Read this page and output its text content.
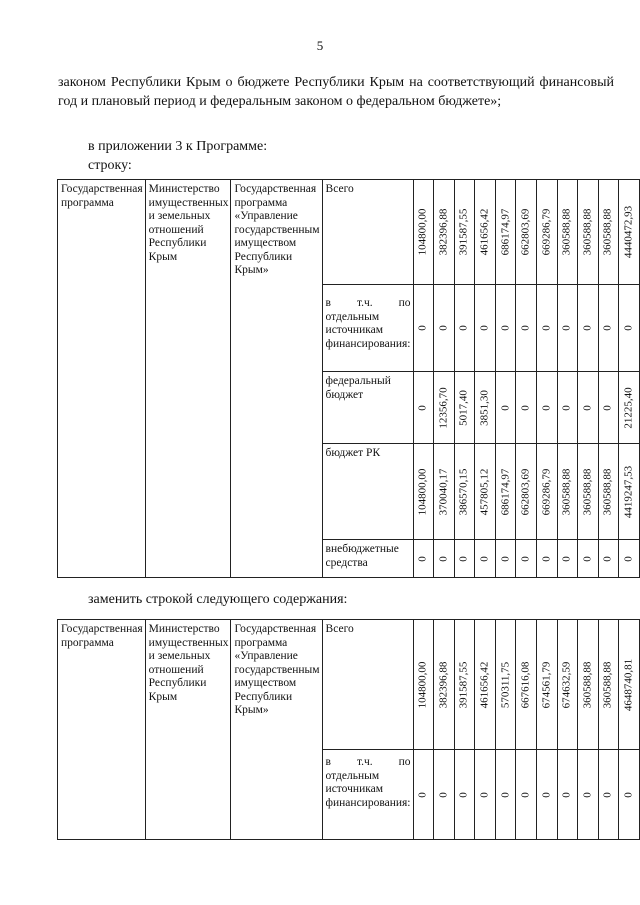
5
законом Республики Крым о бюджете Республики Крым на соответствующий финансовый год и плановый период и федеральным законом о федеральном бюджете»;
в приложении 3 к Программе:
строку:
Государственная программа	Министерство имущественных и земельных отношений Республики Крым	Государственная программа «Управление государственным имуществом Республики Крым»	Всего	104800,00	382396,88	391587,55	461656,42	686174,97	662803,69	669286,79	360588,88	360588,88	360588,88	4440472,93

			в т.ч. по отдельным источникам финансирования:	0	0	0	0	0	0	0	0	0	0	0

			федеральный бюджет	0	12356,70	5017,40	3851,30	0	0	0	0	0	0	21225,40

			бюджет РК	104800,00	370040,17	386570,15	457805,12	686174,97	662803,69	669286,79	360588,88	360588,88	360588,88	4419247,53

			внебюджетные средства	0	0	0	0	0	0	0	0	0	0	0
заменить строкой следующего содержания:
Государственная программа	Министерство имущественных и земельных отношений Республики Крым	Государственная программа «Управление государственным имуществом Республики Крым»	Всего	104800,00	382396,88	391587,55	461656,42	570311,75	667616,08	674561,79	674632,59	360588,88	360588,88	4648740,81

			в т.ч. по отдельным источникам финансирования:	0	0	0	0	0	0	0	0	0	0	0
